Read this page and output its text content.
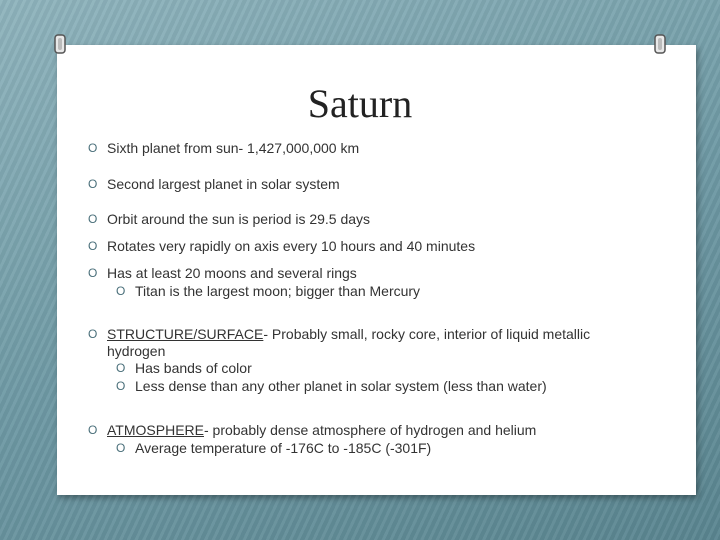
Saturn
O Sixth planet from sun- 1,427,000,000 km
O Second largest planet in solar system
O Orbit around the sun is period is 29.5 days
O Rotates very rapidly on axis every 10 hours and 40 minutes
O Has at least 20 moons and several rings
O Titan is the largest moon; bigger than Mercury
O STRUCTURE/SURFACE- Probably small, rocky core, interior of liquid metallic hydrogen
O Has bands of color
O Less dense than any other planet in solar system (less than water)
O ATMOSPHERE- probably dense atmosphere of hydrogen and helium
O Average temperature of -176C to -185C (-301F)
